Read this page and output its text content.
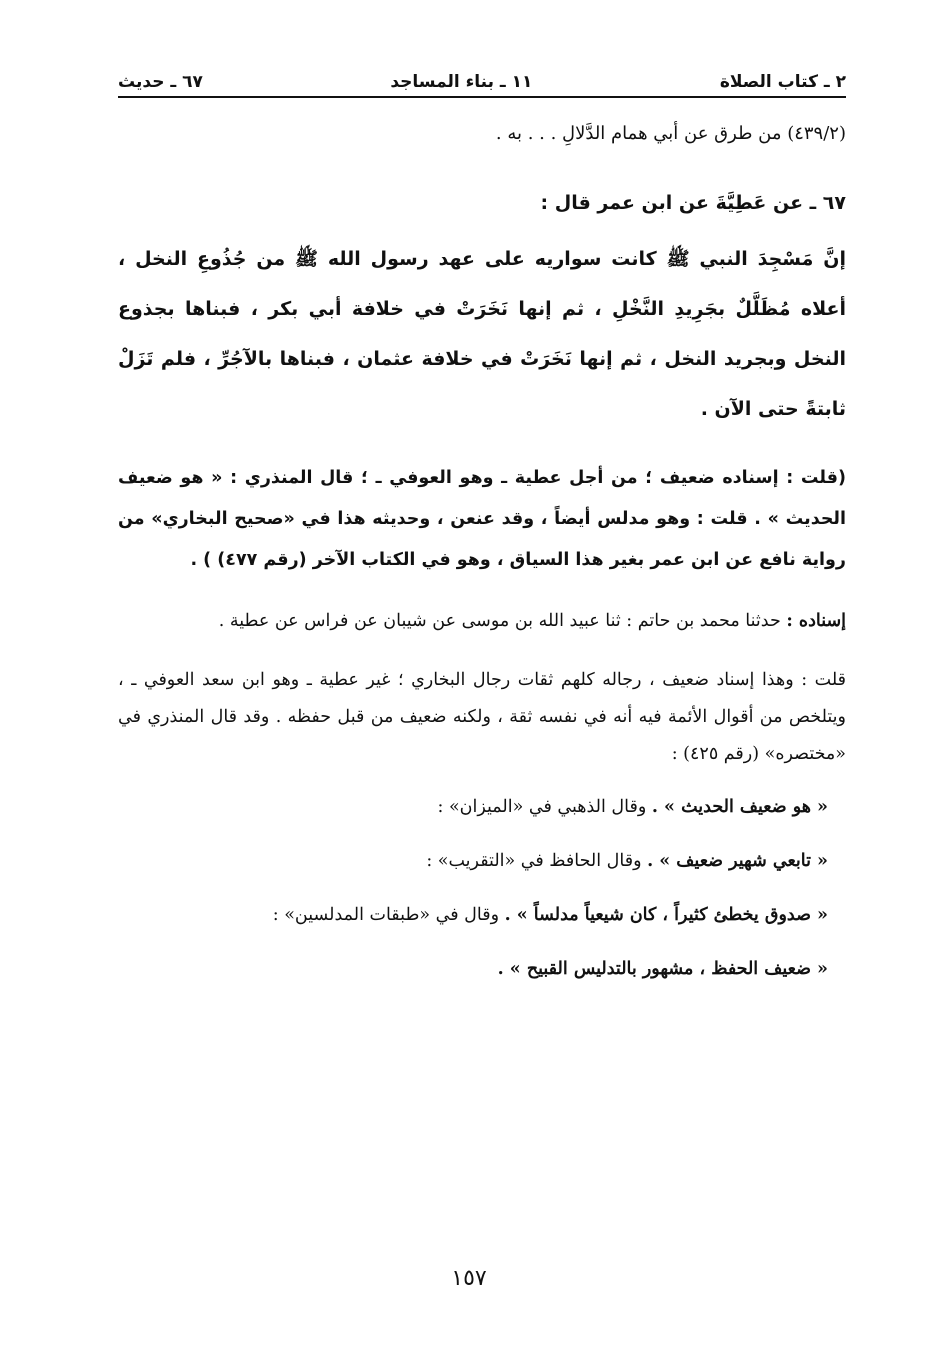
٢ ـ كتاب الصلاة
١١ ـ بناء المساجد
٦٧ ـ حديث
(٤٣٩/٢) من طرق عن أبي همام الدَّلالِ . . . به .
٦٧ ـ عن عَطِيَّةَ عن ابن عمر قال :
إنَّ مَسْجِدَ النبي ﷺ كانت سواريه على عهد رسول الله ﷺ من جُذُوعِ النخل ، أعلاه مُظَلَّلٌ بجَرِيدِ النَّخْلِ ، ثم إنها نَخَرَتْ في خلافة أبي بكر ، فبناها بجذوع النخل وبجريد النخل ، ثم إنها نَخَرَتْ في خلافة عثمان ، فبناها بالآجُرِّ ، فلم تَزَلْ ثابتةً حتى الآن .
(قلت : إسناده ضعيف ؛ من أجل عطية ـ وهو العوفي ـ ؛ قال المنذري : « هو ضعيف الحديث » . قلت : وهو مدلس أيضاً ، وقد عنعن ، وحديثه هذا في «صحيح البخاري» من رواية نافع عن ابن عمر بغير هذا السياق ، وهو في الكتاب الآخر (رقم ٤٧٧) ) .
إسناده : حدثنا محمد بن حاتم : ثنا عبيد الله بن موسى عن شيبان عن فراس عن عطية .
قلت : وهذا إسناد ضعيف ، رجاله كلهم ثقات رجال البخاري ؛ غير عطية ـ وهو ابن سعد العوفي ـ ، ويتلخص من أقوال الأئمة فيه أنه في نفسه ثقة ، ولكنه ضعيف من قبل حفظه . وقد قال المنذري في «مختصره» (رقم ٤٢٥) :
« هو ضعيف الحديث » . وقال الذهبي في «الميزان» :
« تابعي شهير ضعيف » . وقال الحافظ في «التقريب» :
« صدوق يخطئ كثيراً ، كان شيعياً مدلساً » . وقال في «طبقات المدلسين» :
« ضعيف الحفظ ، مشهور بالتدليس القبيح » .
١٥٧
